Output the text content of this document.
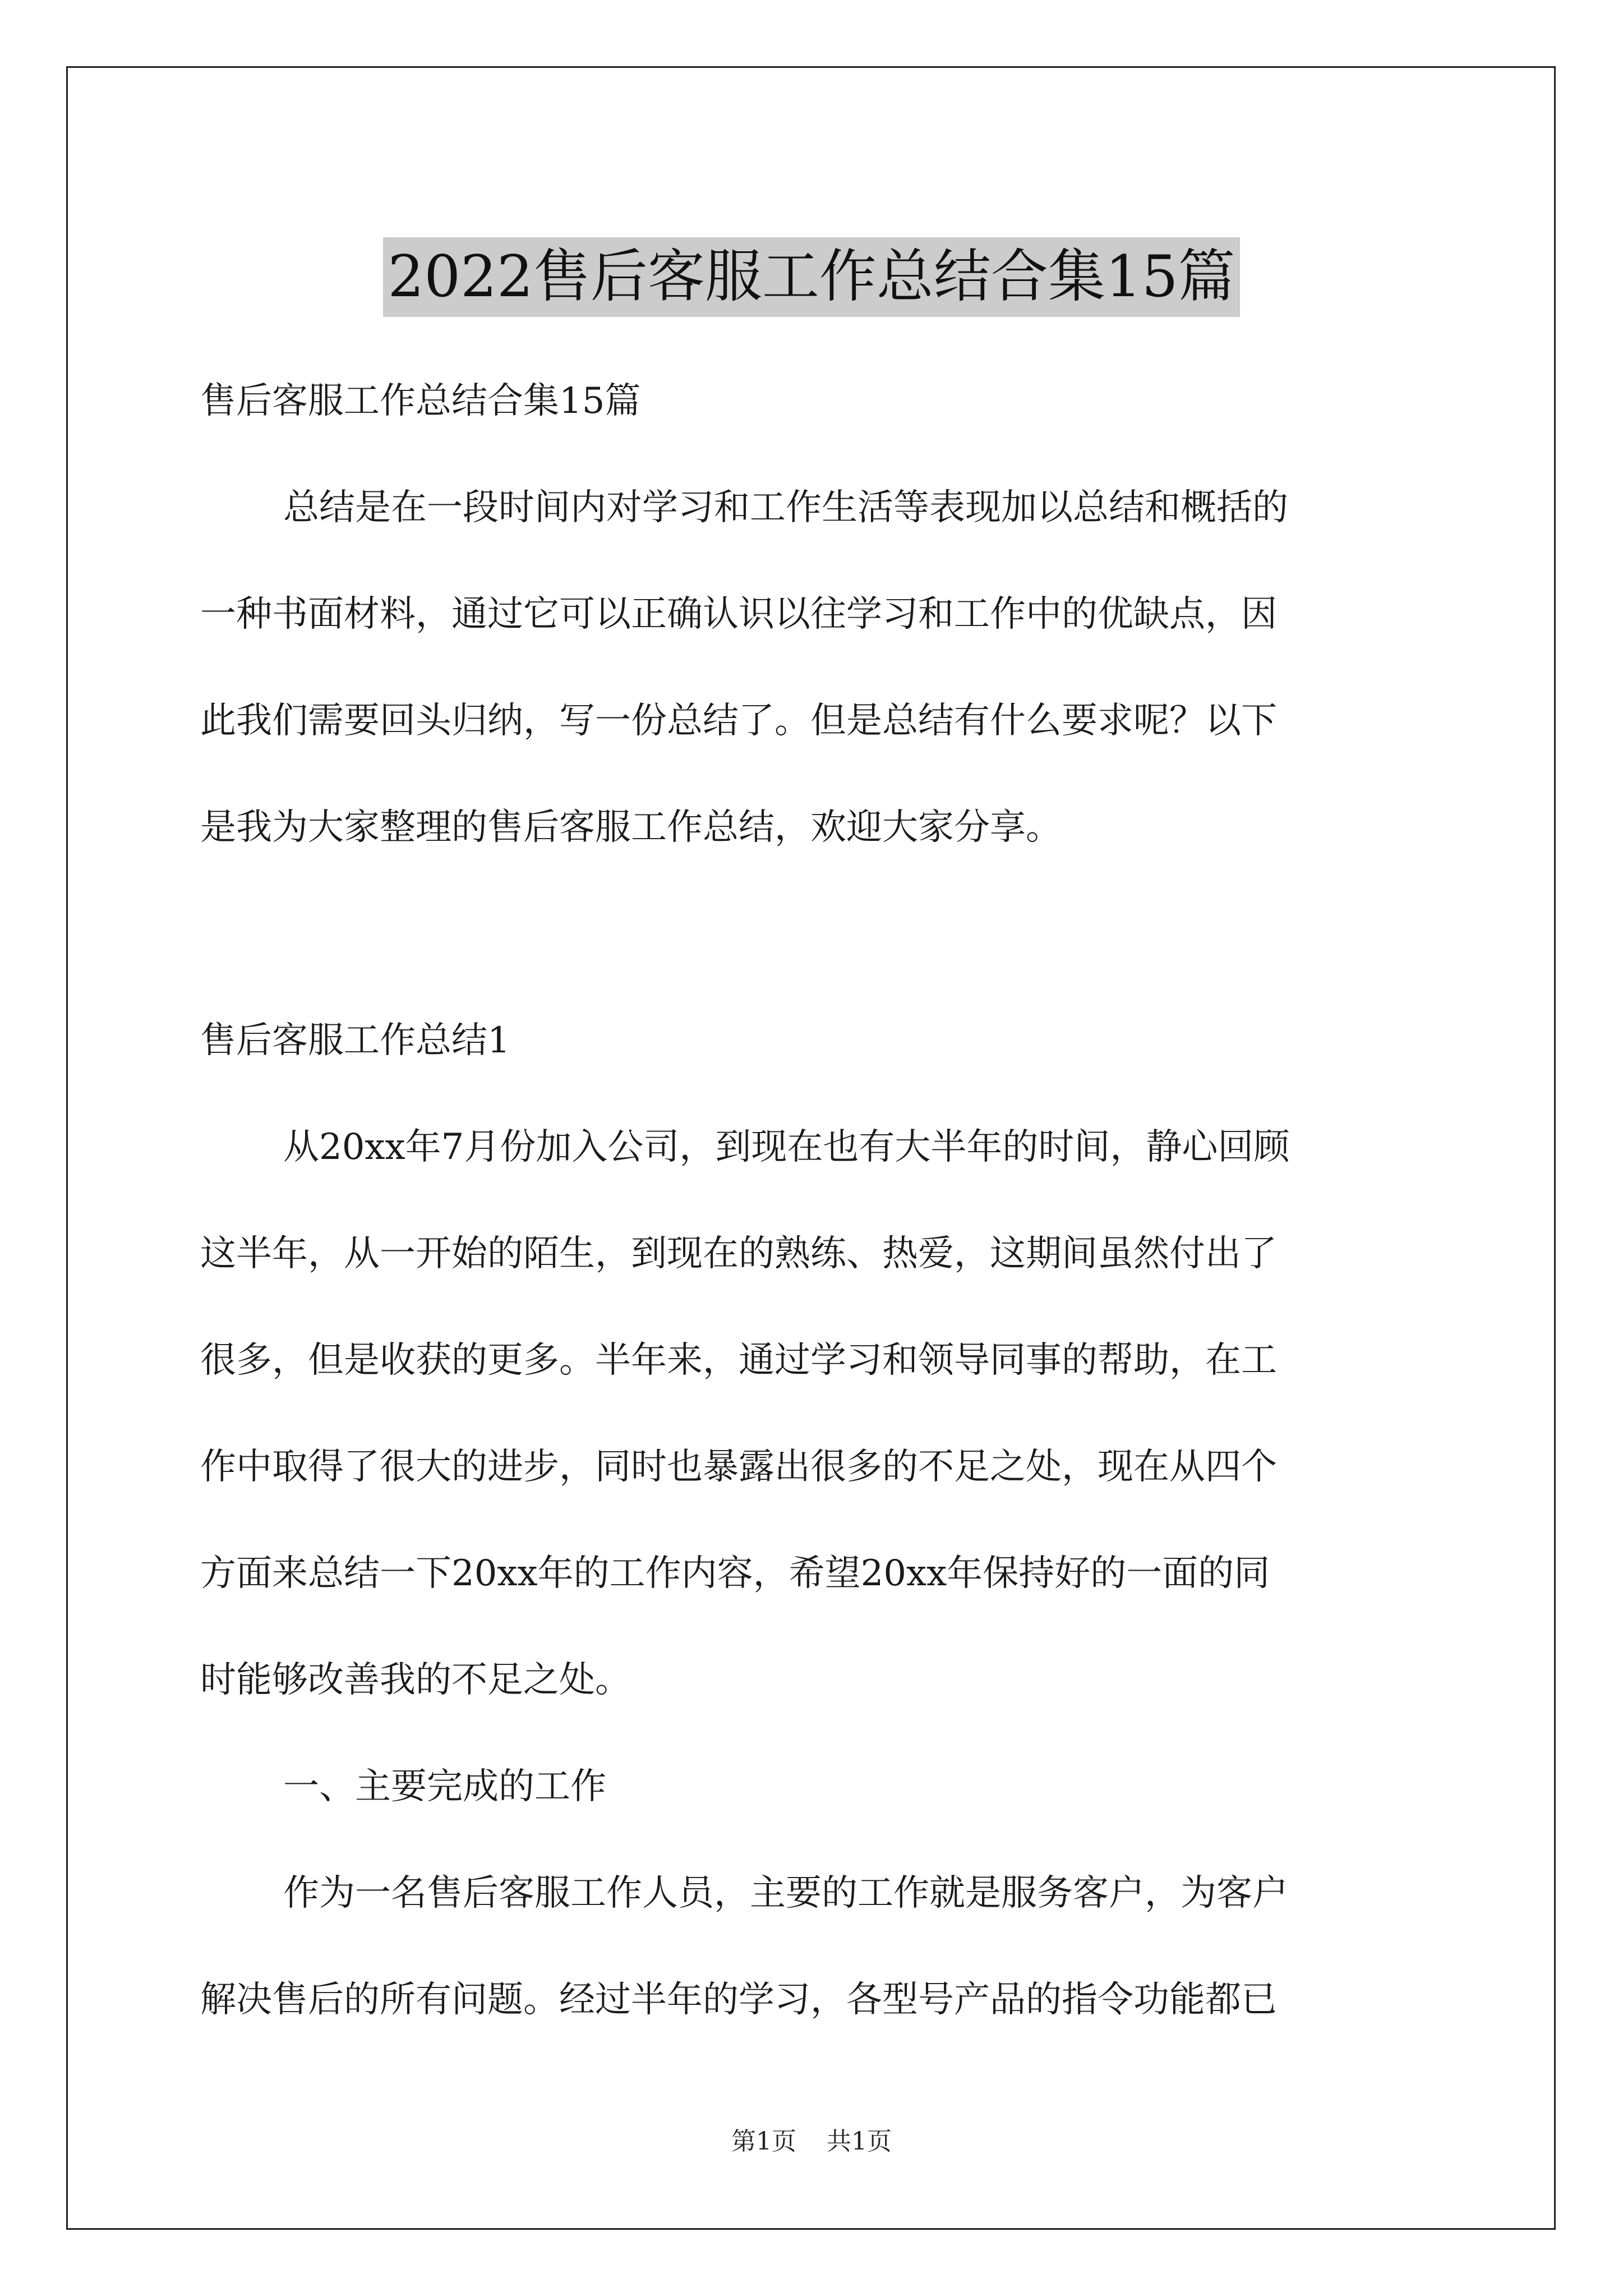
2022售后客服工作总结合集15篇

售后客服工作总结合集15篇

总结是在一段时间内对学习和工作生活等表现加以总结和概括的
一种书面材料，通过它可以正确认识以往学习和工作中的优缺点，因
此我们需要回头归纳，写一份总结了。但是总结有什么要求呢？以下
是我为大家整理的售后客服工作总结，欢迎大家分享。

售后客服工作总结1

从20xx年7月份加入公司，到现在也有大半年的时间，静心回顾
这半年，从一开始的陌生，到现在的熟练、热爱，这期间虽然付出了
很多，但是收获的更多。半年来，通过学习和领导同事的帮助，在工
作中取得了很大的进步，同时也暴露出很多的不足之处，现在从四个
方面来总结一下20xx年的工作内容，希望20xx年保持好的一面的同
时能够改善我的不足之处。

一、主要完成的工作

作为一名售后客服工作人员，主要的工作就是服务客户，为客户
解决售后的所有问题。经过半年的学习，各型号产品的指令功能都已

第1页 共1页
